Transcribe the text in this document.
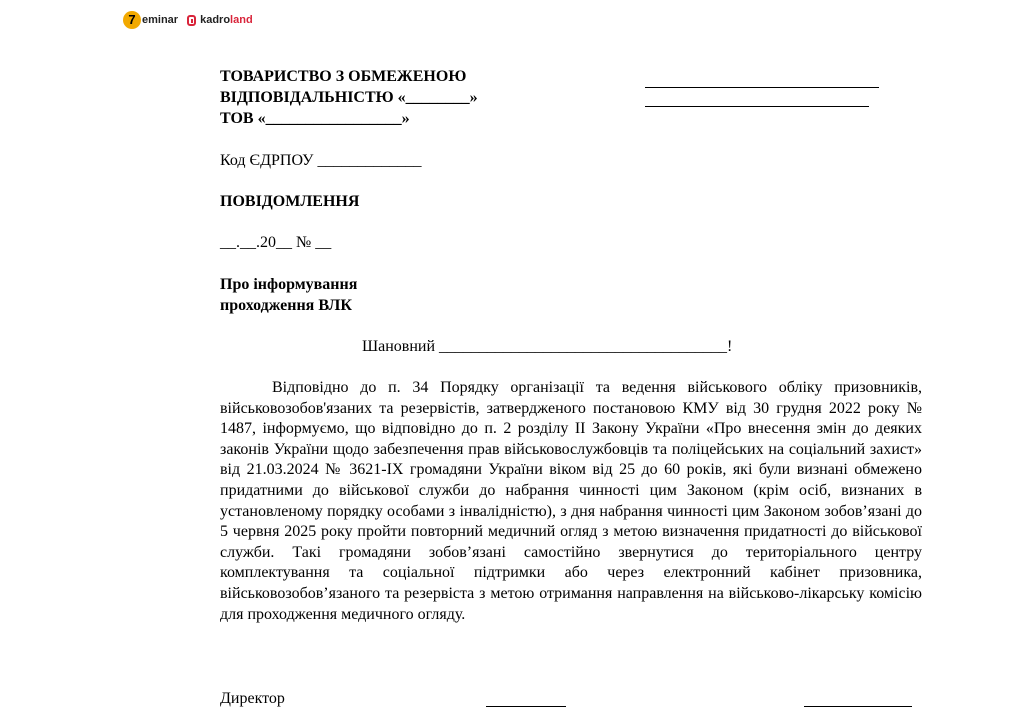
7 eminar kadroland
ТОВАРИСТВО З ОБМЕЖЕНОЮ
ВІДПОВІДАЛЬНІСТЮ «________»
ТОВ «_________________»
Код ЄДРПОУ _____________
ПОВІДОМЛЕННЯ
__.__.20__ № __
Про інформування
проходження ВЛК
Шановний ____________________________________!
Відповідно до п. 34 Порядку організації та ведення військового обліку призовників, військовозобов'язаних та резервістів, затвердженого постановою КМУ від 30 грудня 2022 року № 1487, інформуємо, що відповідно до п. 2 розділу ІІ Закону України «Про внесення змін до деяких законів України щодо забезпечення прав військовослужбовців та поліцейських на соціальний захист» від 21.03.2024 № 3621-IX громадяни України віком від 25 до 60 років, які були визнані обмежено придатними до військової служби до набрання чинності цим Законом (крім осіб, визнаних в установленому порядку особами з інвалідністю), з дня набрання чинності цим Законом зобов’язані до 5 червня 2025 року пройти повторний медичний огляд з метою визначення придатності до військової служби. Такі громадяни зобов’язані самостійно звернутися до територіального центру комплектування та соціальної підтримки або через електронний кабінет призовника, військовозобов’язаного та резервіста з метою отримання направлення на військово-лікарську комісію для проходження медичного огляду.
Директор
